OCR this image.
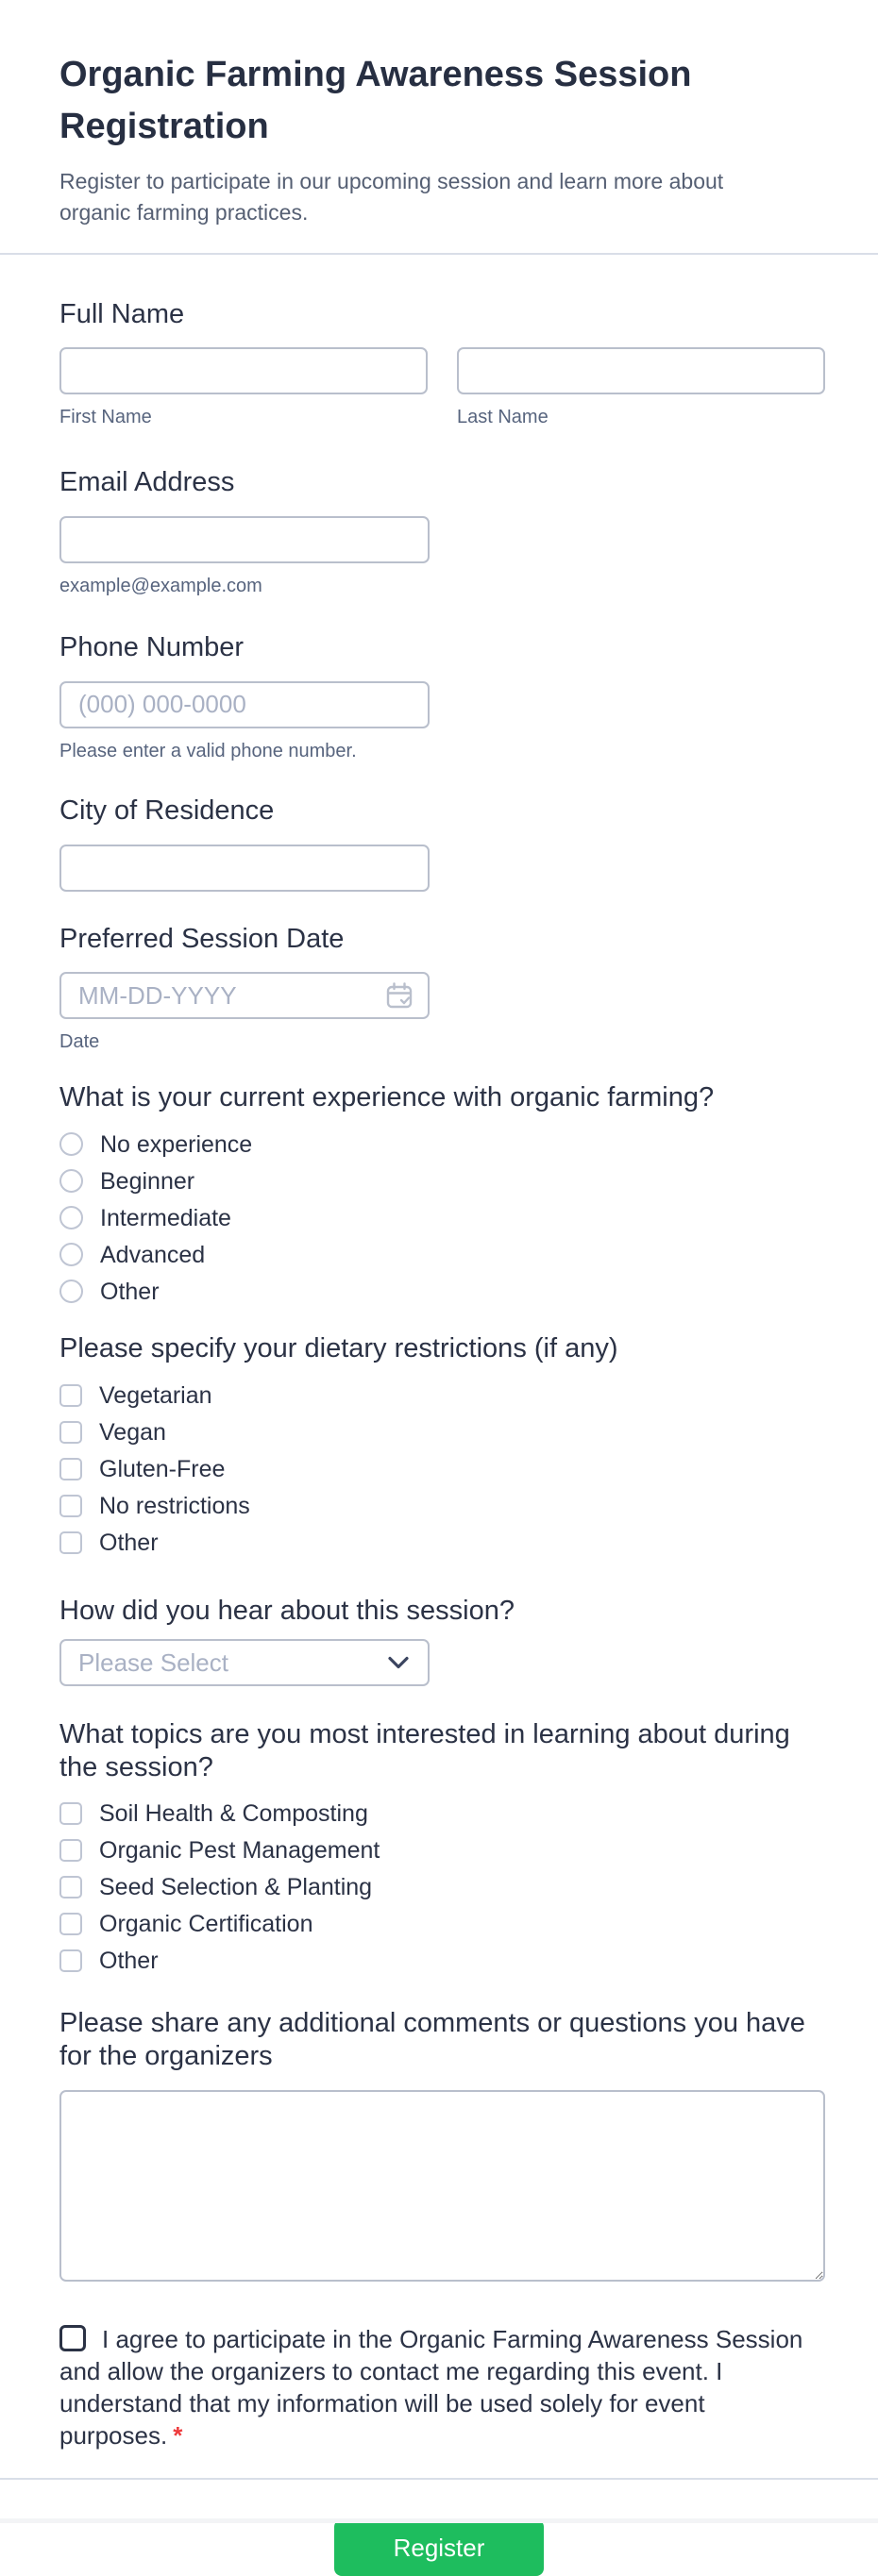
Organic Farming Awareness Session Registration

Register to participate in our upcoming session and learn more about organic farming practices.

Full Name
First Name	Last Name
Email Address
example@example.com
Phone Number
(000) 000-0000
Please enter a valid phone number.
City of Residence
Preferred Session Date
MM-DD-YYYY
Date
What is your current experience with organic farming?
No experience
Beginner
Intermediate
Advanced
Other
Please specify your dietary restrictions (if any)
Vegetarian
Vegan
Gluten-Free
No restrictions
Other
How did you hear about this session?
Please Select
What topics are you most interested in learning about during the session?
Soil Health & Composting
Organic Pest Management
Seed Selection & Planting
Organic Certification
Other
Please share any additional comments or questions you have for the organizers
I agree to participate in the Organic Farming Awareness Session and allow the organizers to contact me regarding this event. I understand that my information will be used solely for event purposes. *
Register
